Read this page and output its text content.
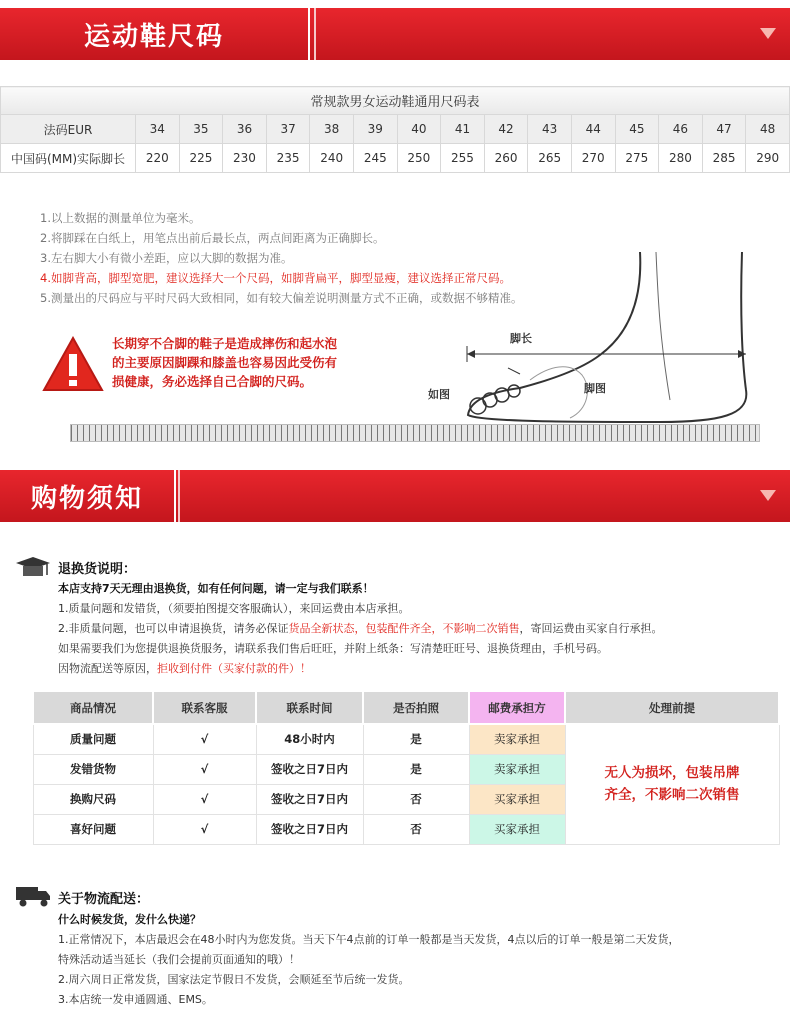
运动鞋尺码
常规款男女运动鞋通用尺码表															
法码EUR	34	35	36	37	38	39	40	41	42	43	44	45	46	47	48
中国码(MM)实际脚长	220	225	230	235	240	245	250	255	260	265	270	275	280	285	290
1.以上数据的测量单位为毫米。
2.将脚踩在白纸上，用笔点出前后最长点，两点间距离为正确脚长。
3.左右脚大小有微小差距，应以大脚的数据为准。
4.如脚背高，脚型宽肥，建议选择大一个尺码，如脚背扁平，脚型显瘦，建议选择正常尺码。
5.测量出的尺码应与平时尺码大致相同，如有较大偏差说明测量方式不正确，或数据不够精准。
长期穿不合脚的鞋子是造成摔伤和起水泡
的主要原因脚踝和膝盖也容易因此受伤有
损健康，务必选择自己合脚的尺码。
脚长
如图	脚图
购物须知
退换货说明：
本店支持7天无理由退换货，如有任何问题，请一定与我们联系！
1.质量问题和发错货，（须要拍图提交客服确认），来回运费由本店承担。
2.非质量问题，也可以申请退换货，请务必保证货品全新状态，包装配件齐全，不影响二次销售，寄回运费由买家自行承担。
如果需要我们为您提供退换货服务，请联系我们售后旺旺，并附上纸条：写清楚旺旺号、退换货理由，手机号码。
因物流配送等原因，拒收到付件（买家付款的件）！
商品情况	联系客服	联系时间	是否拍照	邮费承担方	处理前提
质量问题	√	48小时内	是	卖家承担	无人为损坏，包装吊牌
齐全，不影响二次销售

发错货物	√	签收之日7日内	是	卖家承担	
换购尺码	√	签收之日7日内	否	买家承担	
喜好问题	√	签收之日7日内	否	买家承担	
关于物流配送：
什么时候发货，发什么快递？
1.正常情况下，本店最迟会在48小时内为您发货。当天下午4点前的订单一般都是当天发货，4点以后的订单一般是第二天发货，
特殊活动适当延长（我们会提前页面通知的哦）！
2.周六周日正常发货，国家法定节假日不发货，会顺延至节后统一发货。
3.本店统一发申通圆通、EMS。
